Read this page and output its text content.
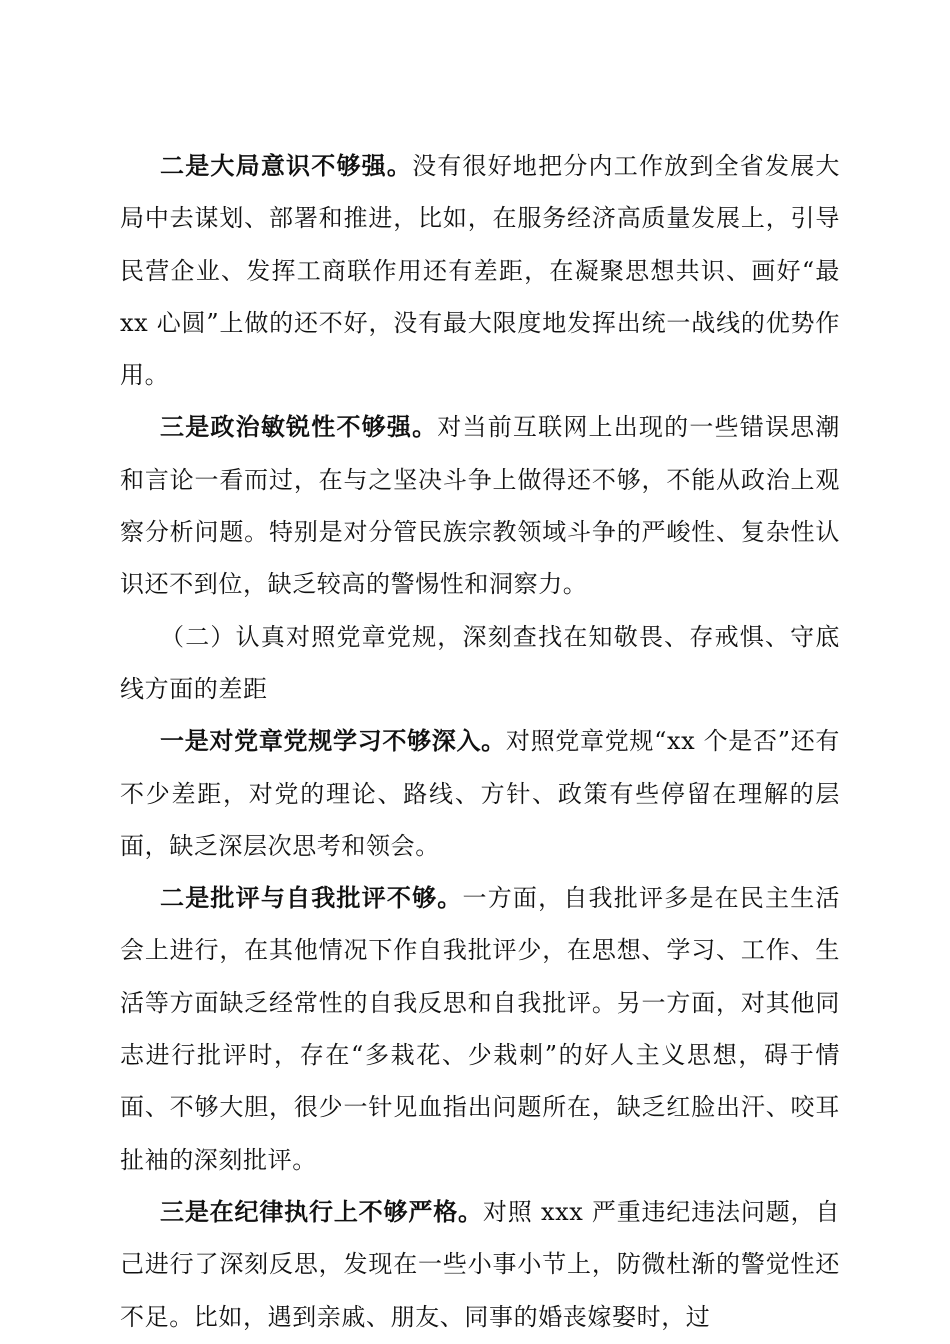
二是大局意识不够强。没有很好地把分内工作放到全省发展大局中去谋划、部署和推进，比如，在服务经济高质量发展上，引导民营企业、发挥工商联作用还有差距，在凝聚思想共识、画好“最 xx 心圆”上做的还不好，没有最大限度地发挥出统一战线的优势作用。

三是政治敏锐性不够强。对当前互联网上出现的一些错误思潮和言论一看而过，在与之坚决斗争上做得还不够，不能从政治上观察分析问题。特别是对分管民族宗教领域斗争的严峻性、复杂性认识还不到位，缺乏较高的警惕性和洞察力。

（二）认真对照党章党规，深刻查找在知敬畏、存戒惧、守底线方面的差距

一是对党章党规学习不够深入。对照党章党规“xx 个是否”还有不少差距，对党的理论、路线、方针、政策有些停留在理解的层面，缺乏深层次思考和领会。

二是批评与自我批评不够。一方面，自我批评多是在民主生活会上进行，在其他情况下作自我批评少，在思想、学习、工作、生活等方面缺乏经常性的自我反思和自我批评。另一方面，对其他同志进行批评时，存在“多栽花、少栽刺”的好人主义思想，碍于情面、不够大胆，很少一针见血指出问题所在，缺乏红脸出汗、咬耳扯袖的深刻批评。

三是在纪律执行上不够严格。对照 xxx 严重违纪违法问题，自己进行了深刻反思，发现在一些小事小节上，防微杜渐的警觉性还不足。比如，遇到亲戚、朋友、同事的婚丧嫁娶时，过
